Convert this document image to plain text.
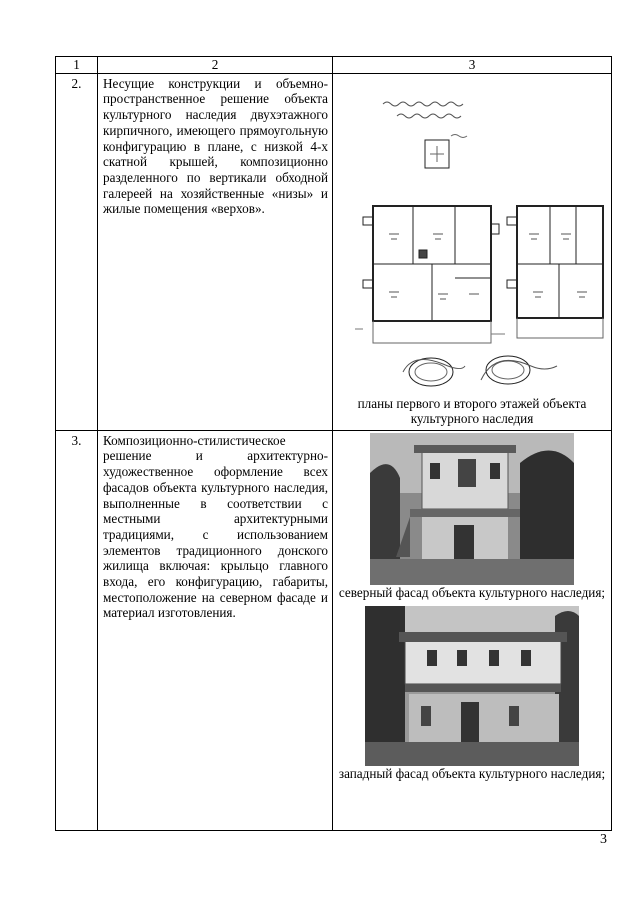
1	2	3
2.	Несущие конструкции и объемно-пространственное решение объекта культурного наследия двухэтажного кирпичного, имеющего прямоугольную конфигурацию в плане, с низкой 4-х скатной крышей, композиционно разделенного по вертикали обходной галереей на хозяйственные «низы» и жилые помещения «верхов».	планы первого и второго этажей объекта культурного наследия

3.	Композиционно-стилистическое решение и архитектурно-художественное оформление всех фасадов объекта культурного наследия, выполненные в соответствии с местными архитектурными традициями, с использованием элементов традиционного донского жилища включая: крыльцо главного входа, его конфигурацию, габариты, местоположение на северном фасаде и материал изготовления.	северный фасад объекта культурного наследия;
западный фасад объекта культурного наследия;
3
